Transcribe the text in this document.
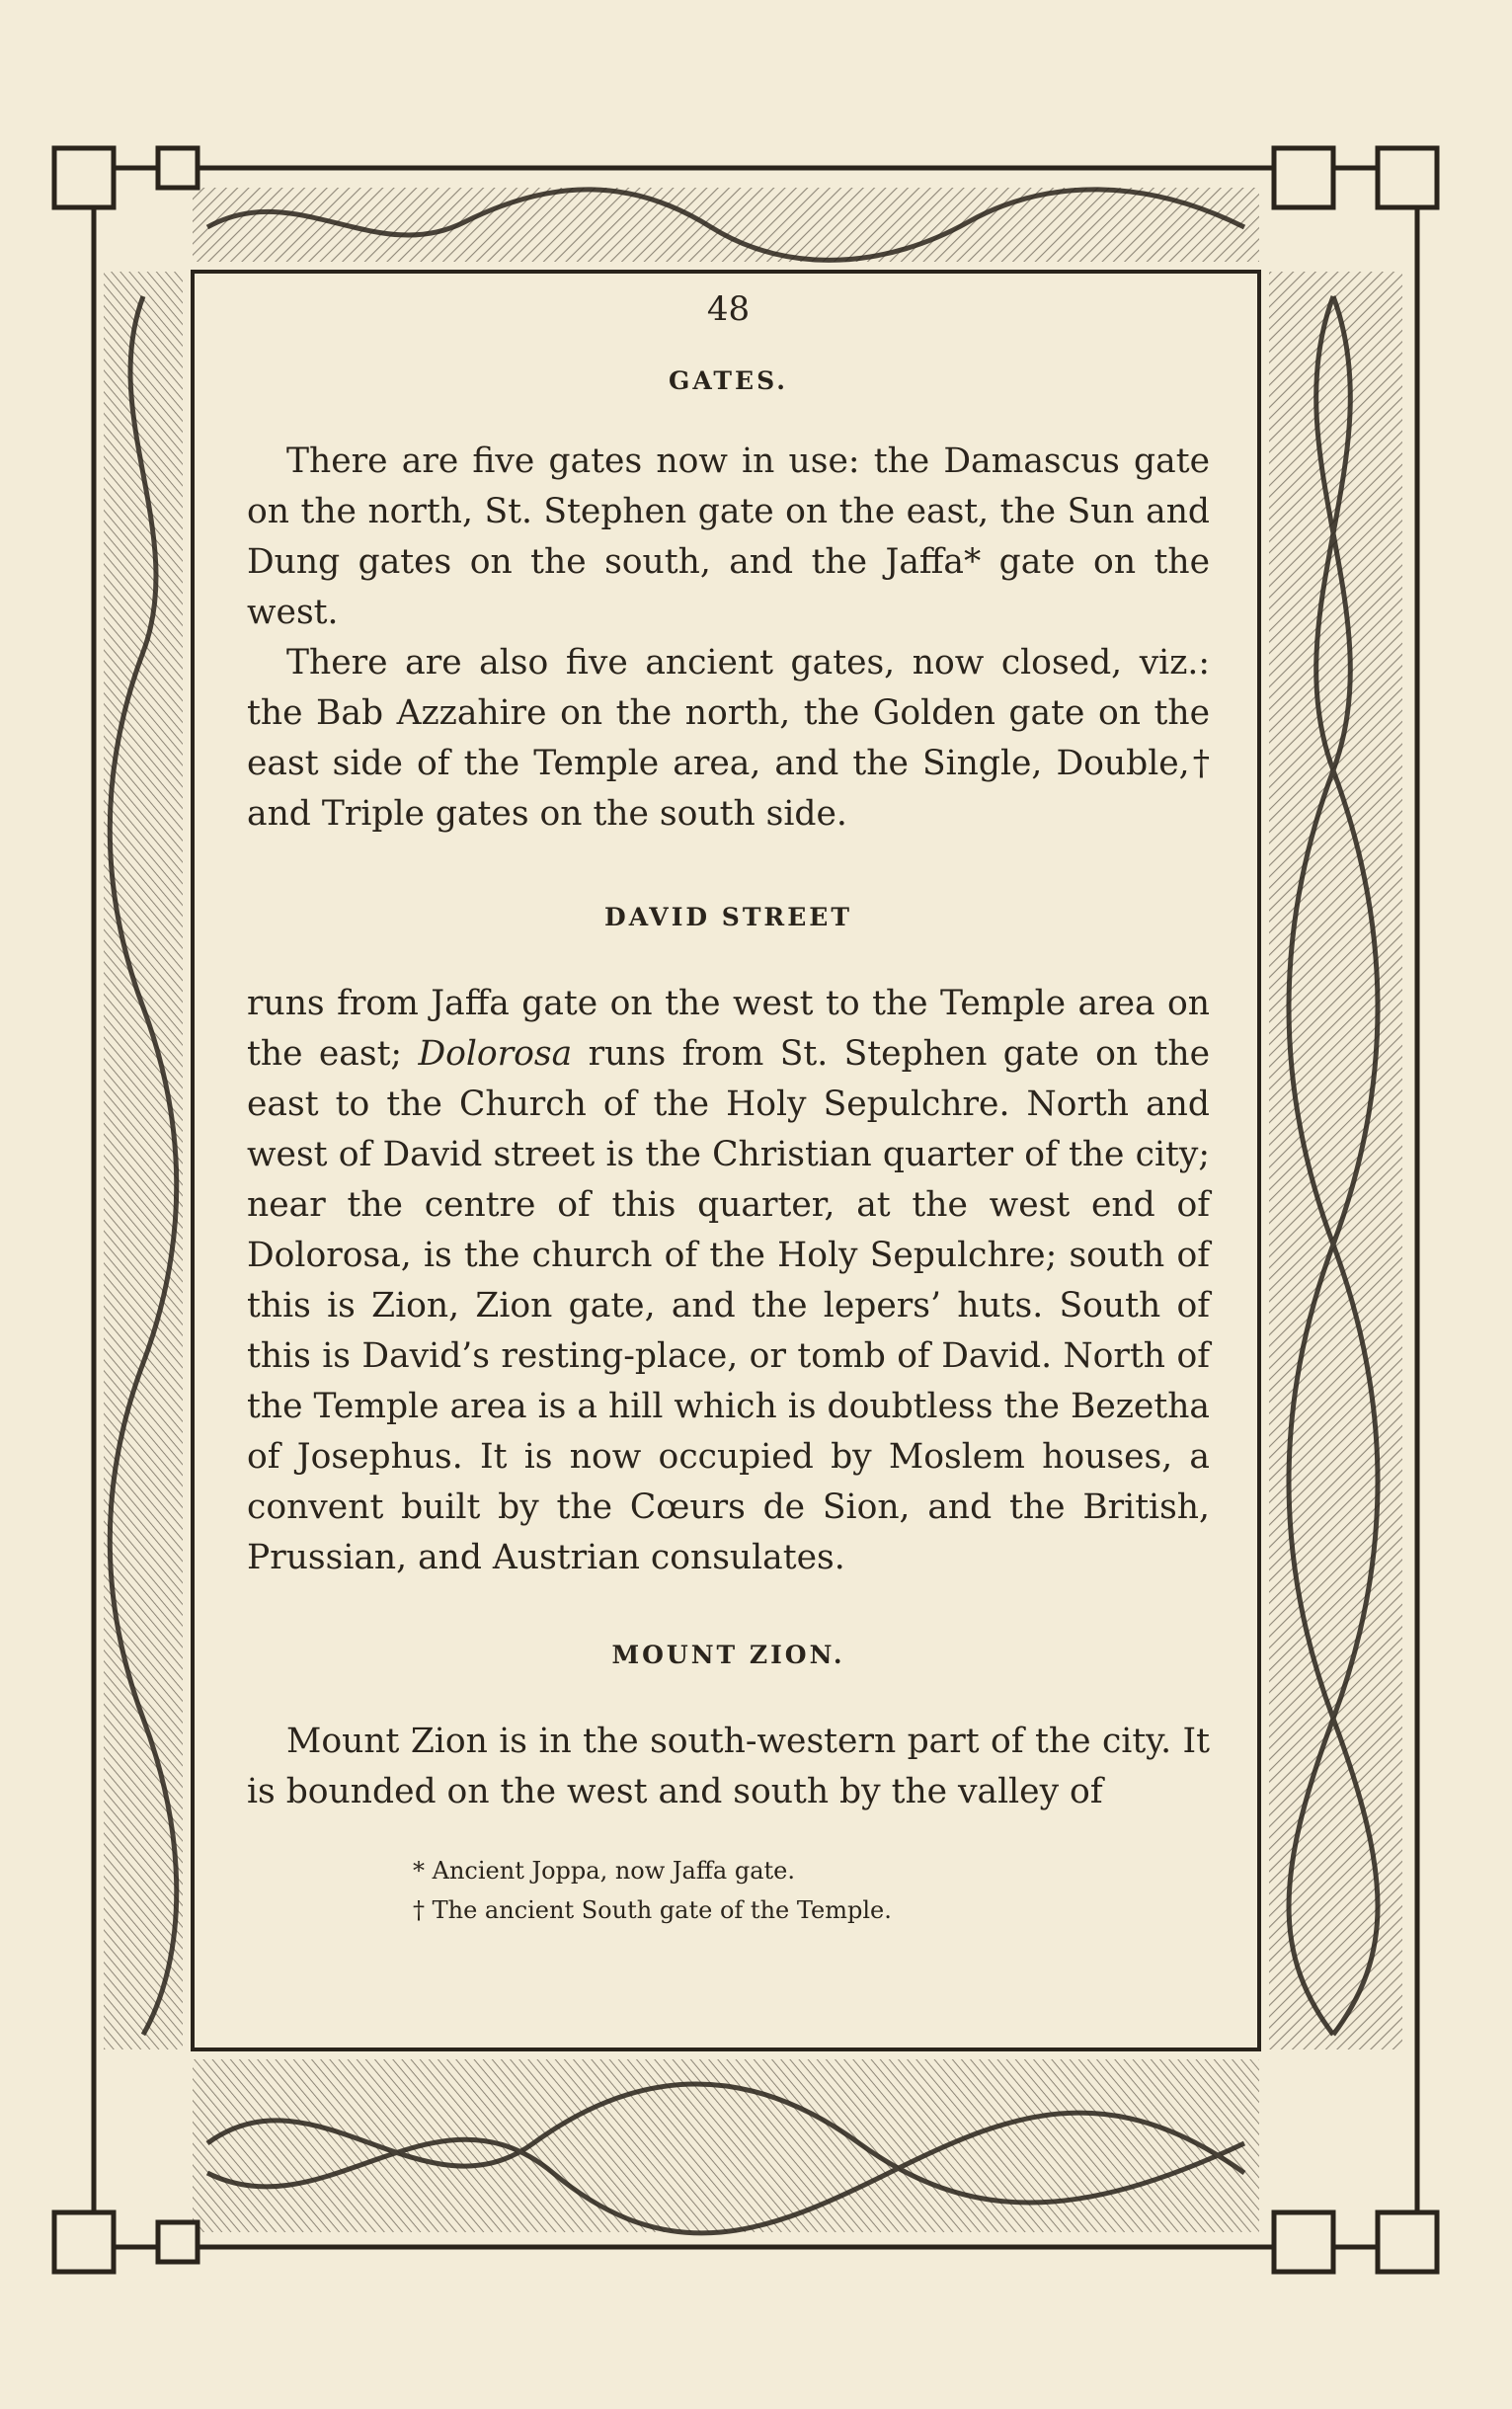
48
GATES.

There are five gates now in use: the Damascus gate on the north, St. Stephen gate on the east, the Sun and Dung gates on the south, and the Jaffa* gate on the west.

There are also five ancient gates, now closed, viz.: the Bab Azzahire on the north, the Golden gate on the east side of the Temple area, and the Single, Double,† and Triple gates on the south side.

DAVID STREET

runs from Jaffa gate on the west to the Temple area on the east; Dolorosa runs from St. Stephen gate on the east to the Church of the Holy Sepulchre. North and west of David street is the Christian quarter of the city; near the centre of this quarter, at the west end of Dolorosa, is the church of the Holy Sepulchre; south of this is Zion, Zion gate, and the lepers’ huts. South of this is David’s resting-place, or tomb of David. North of the Temple area is a hill which is doubtless the Bezetha of Josephus. It is now occupied by Moslem houses, a convent built by the Cœurs de Sion, and the British, Prussian, and Austrian consulates.

MOUNT ZION.

Mount Zion is in the south-western part of the city. It is bounded on the west and south by the valley of

* Ancient Joppa, now Jaffa gate.
† The ancient South gate of the Temple.
